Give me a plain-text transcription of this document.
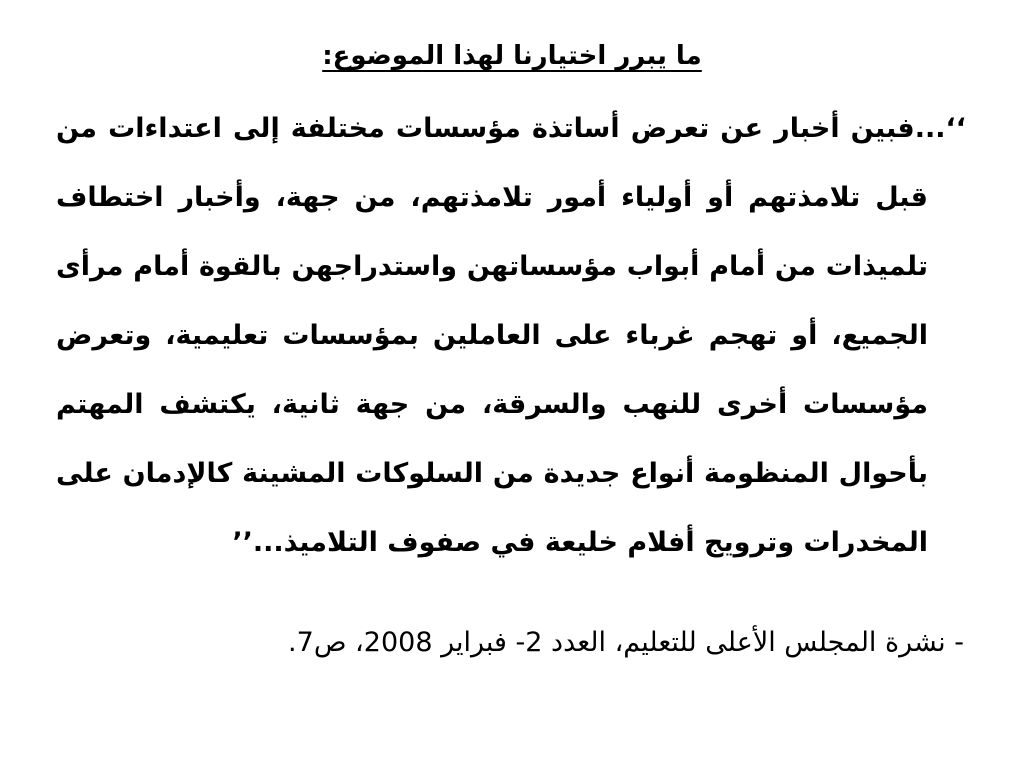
ما يبرر اختيارنا لهذا الموضوع:
‘‘...فبين أخبار عن تعرض أساتذة مؤسسات مختلفة إلى اعتداءات من
قبل تلامذتهم أو أولياء أمور تلامذتهم، من جهة، وأخبار اختطاف
تلميذات من أمام أبواب مؤسساتهن واستدراجهن بالقوة أمام مرأى
الجميع، أو تهجم غرباء على العاملين بمؤسسات تعليمية، وتعرض
مؤسسات أخرى للنهب والسرقة، من جهة ثانية، يكتشف المهتم
بأحوال المنظومة أنواع جديدة من السلوكات المشينة كالإدمان على
المخدرات وترويج أفلام خليعة في صفوف التلاميذ...’’
- نشرة المجلس الأعلى للتعليم، العدد 2- فبراير 2008، ص7.
